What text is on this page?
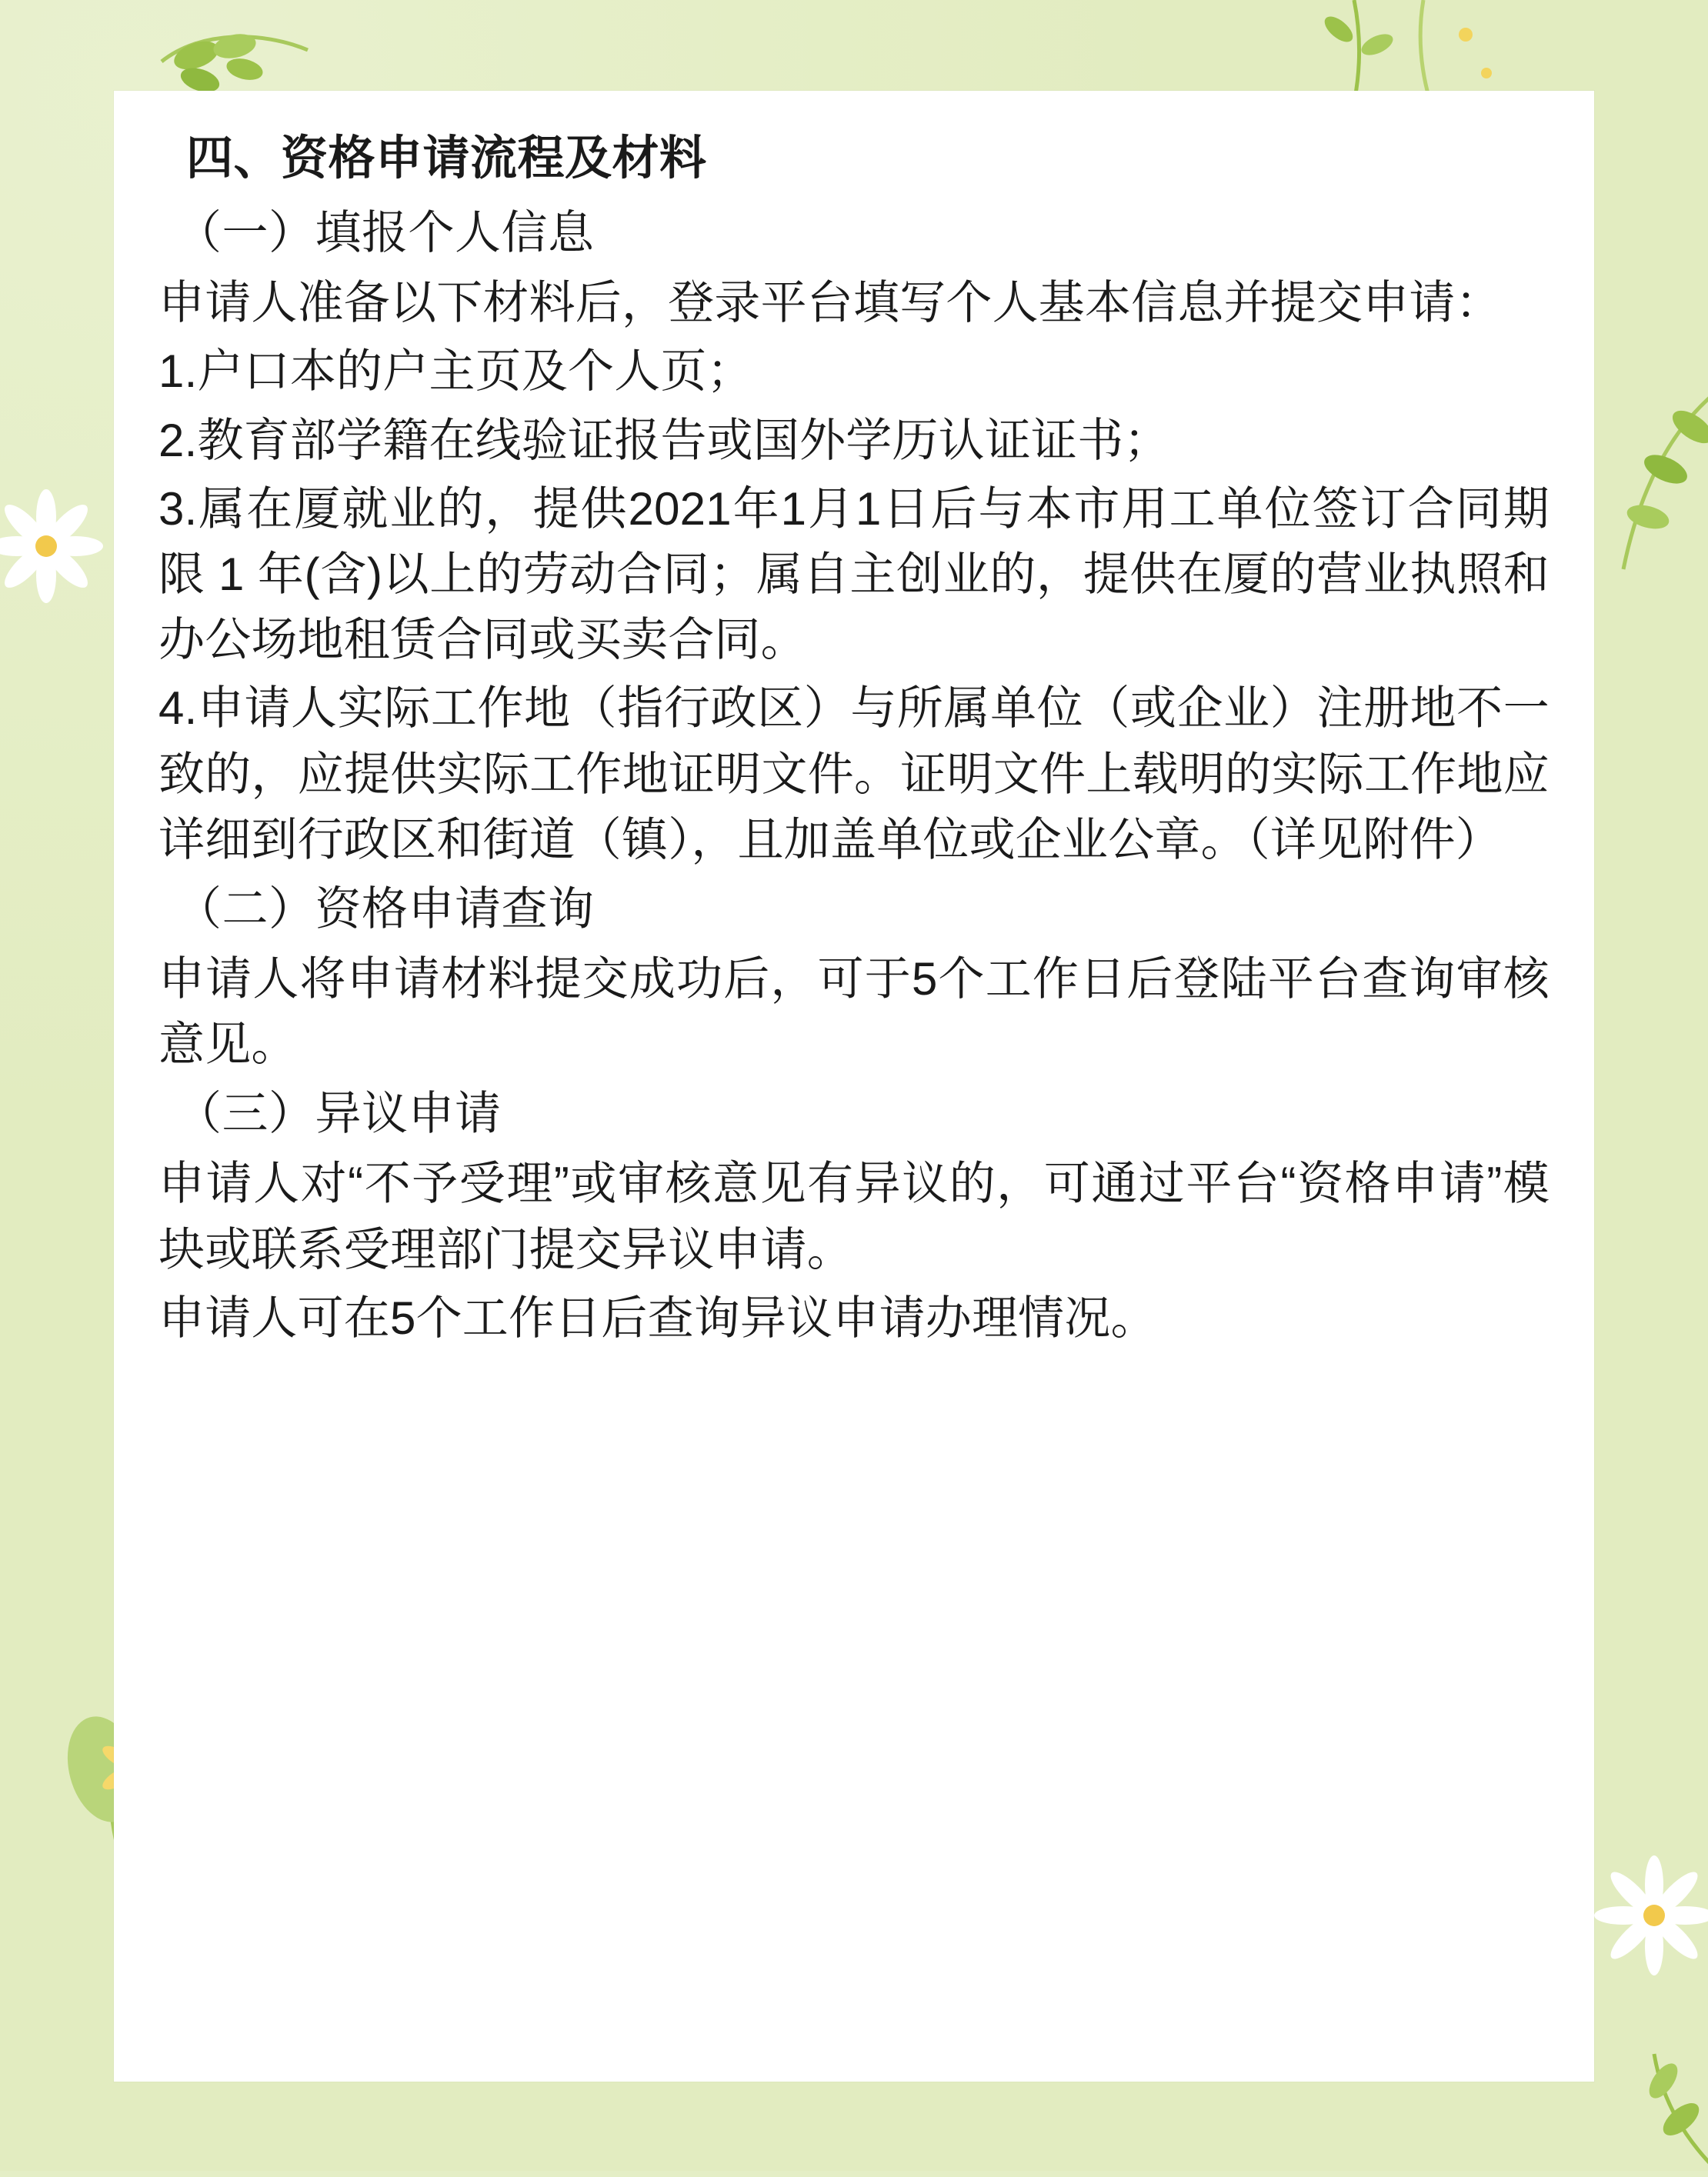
四、资格申请流程及材料
（一）填报个人信息

申请人准备以下材料后，登录平台填写个人基本信息并提交申请：

1.户口本的户主页及个人页；

2.教育部学籍在线验证报告或国外学历认证证书；

3.属在厦就业的，提供2021年1月1日后与本市用工单位签订合同期限 1 年(含)以上的劳动合同；属自主创业的，提供在厦的营业执照和办公场地租赁合同或买卖合同。

4.申请人实际工作地（指行政区）与所属单位（或企业）注册地不一致的，应提供实际工作地证明文件。证明文件上载明的实际工作地应详细到行政区和街道（镇），且加盖单位或企业公章。（详见附件）

（二）资格申请查询

申请人将申请材料提交成功后，可于5个工作日后登陆平台查询审核意见。

（三）异议申请

申请人对“不予受理”或审核意见有异议的，可通过平台“资格申请”模块或联系受理部门提交异议申请。

申请人可在5个工作日后查询异议申请办理情况。
